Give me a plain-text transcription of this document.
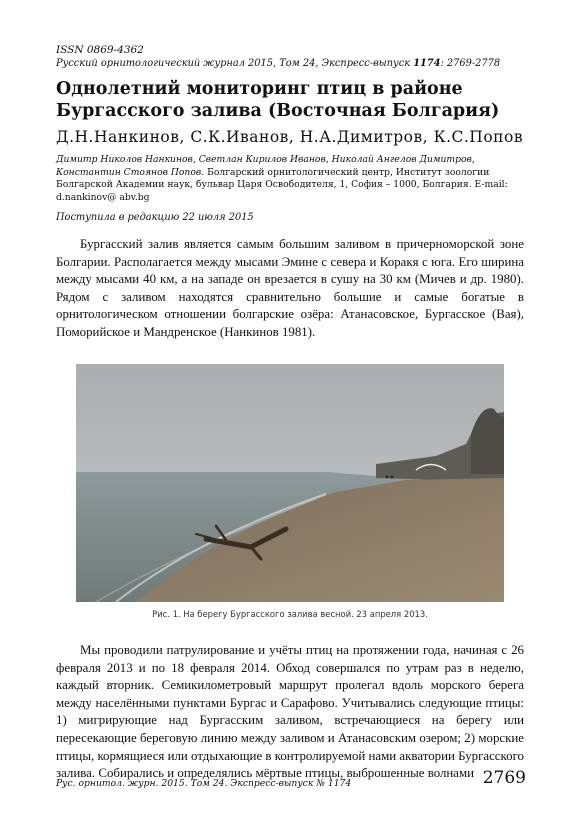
ISSN 0869-4362
Русский орнитологический журнал 2015, Том 24, Экспресс-выпуск 1174: 2769-2778
Однолетний мониторинг птиц в районе Бургасского залива (Восточная Болгария)
Д.Н.Нанкинов, С.К.Иванов, Н.А.Димитров, К.С.Попов
Димитр Николов Нанкинов, Светлан Кирилов Иванов, Николай Ангелов Димитров, Константин Стоянов Попов. Болгарский орнитологический центр, Институт зоологии Болгарской Академии наук, бульвар Царя Освободителя, 1, София – 1000, Болгария. E-mail: d.nankinov@ abv.bg
Поступила в редакцию 22 июля 2015
Бургасский залив является самым большим заливом в причерноморской зоне Болгарии. Располагается между мысами Эмине с севера и Коракя с юга. Его ширина между мысами 40 км, а на западе он врезается в сушу на 30 км (Мичев и др. 1980). Рядом с заливом находятся сравнительно большие и самые богатые в орнитологическом отношении болгарские озёра: Атанасовское, Бургасское (Вая), Поморийское и Мандренское (Нанкинов 1981).
Рис. 1. На берегу Бургасского залива весной. 23 апреля 2013.
Мы проводили патрулирование и учёты птиц на протяжении года, начиная с 26 февраля 2013 и по 18 февраля 2014. Обход совершался по утрам раз в неделю, каждый вторник. Семикилометровый маршрут пролегал вдоль морского берега между населёнными пунктами Бургас и Сарафово. Учитывались следующие птицы: 1) мигрирующие над Бургасским заливом, встречающиеся на берегу или пересекающие береговую линию между заливом и Атанасовским озером; 2) морские птицы, кормящиеся или отдыхающие в контролируемой нами акватории Бургасского залива. Собирались и определялись мёртвые птицы, выброшенные волнами
Рус. орнитол. журн. 2015. Том 24. Экспресс-выпуск № 1174	2769
